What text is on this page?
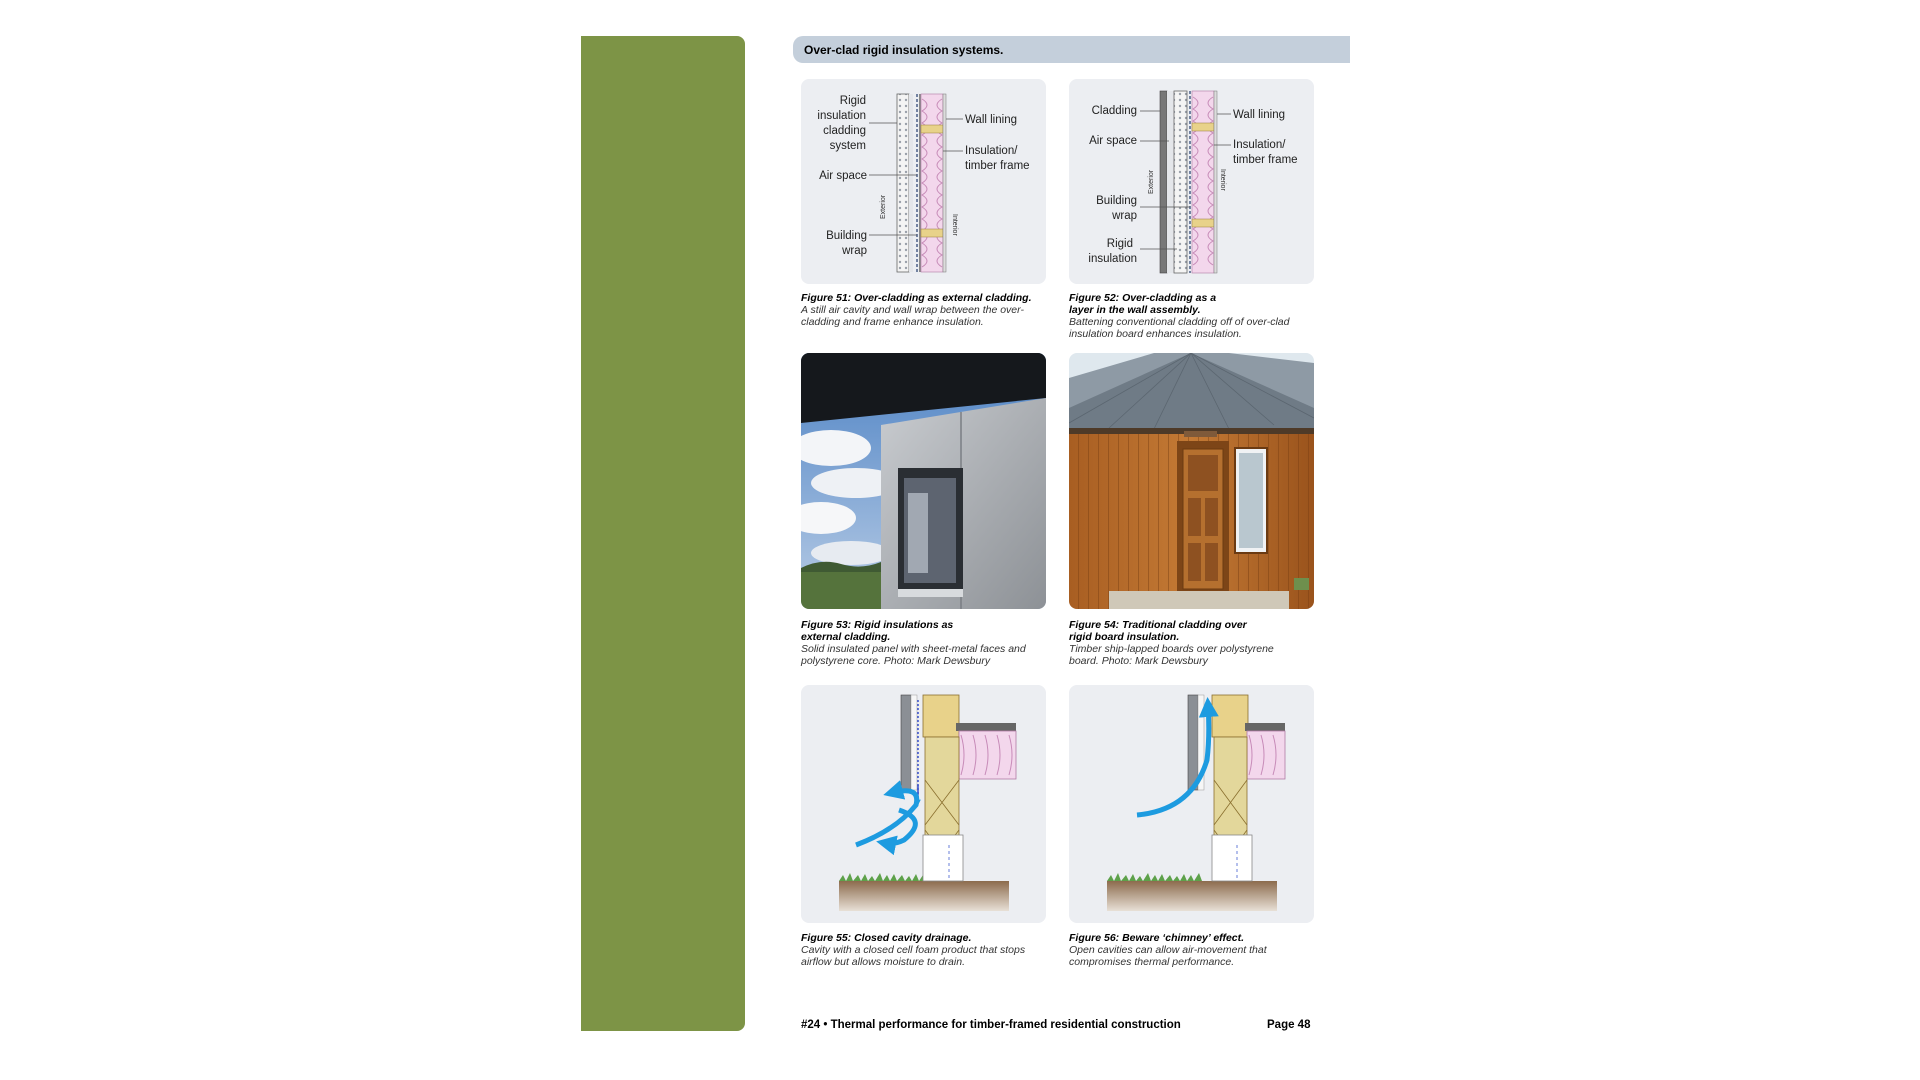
Over-clad rigid insulation systems.
Rigid
insulation
cladding
system
Air space
Building
wrap
Wall lining
Insulation/
timber frame
Exterior
Interior
Figure 51: Over-cladding as external cladding.
A still air cavity and wall wrap between the over-
cladding and frame enhance insulation.
Cladding
Air space
Building
wrap
Rigid
insulation
Wall lining
Insulation/
timber frame
Exterior	Interior
Figure 52: Over-cladding as a
layer in the wall assembly.
Battening conventional cladding off of over-clad
insulation board enhances insulation.
Figure 53: Rigid insulations as
external cladding.
Solid insulated panel with sheet-metal faces and
polystyrene core. Photo: Mark Dewsbury
Figure 54: Traditional cladding over
rigid board insulation.
Timber ship-lapped boards over polystyrene
board. Photo: Mark Dewsbury
Figure 55: Closed cavity drainage.
Cavity with a closed cell foam product that stops
airflow but allows moisture to drain.
Figure 56: Beware ‘chimney’ effect.
Open cavities can allow air-movement that
compromises thermal performance.
#24 • Thermal performance for timber-framed residential construction	Page 48
